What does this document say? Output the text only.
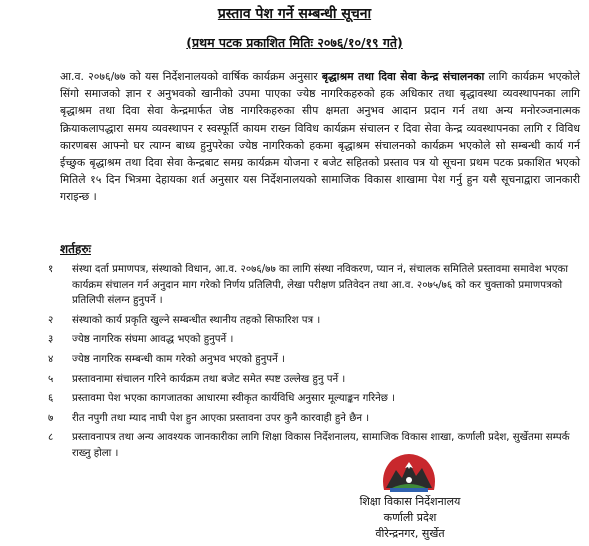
प्रस्ताव पेश गर्ने सम्बन्धी सूचना
(प्रथम पटक प्रकाशित मितिः २०७६/१०/१९ गते)

आ.व. २०७६/७७ को यस निर्देशनालयको वार्षिक कार्यक्रम अनुसार बृद्धाश्रम तथा दिवा सेवा केन्द्र संचालनका लागि कार्यक्रम भएकोले सिंगो समाजको ज्ञान र अनुभवको खानीको उपमा पाएका ज्येष्ठ नागरिकहरुको हक अधिकार तथा बृद्धावस्था व्यवस्थापनका लागि बृद्धाश्रम तथा दिवा सेवा केन्द्रमार्फत जेष्ठ नागरिकहरुका सीप क्षमता अनुभव आदान प्रदान गर्न तथा अन्य मनोरञ्जनात्मक क्रियाकलापद्धारा समय व्यवस्थापन र स्वस्फूर्ति कायम राख्न विविध कार्यक्रम संचालन र दिवा सेवा केन्द्र व्यवस्थापनका लागि र विविध कारणबस आफ्नो घर त्याग्न बाध्य हुनुपरेका ज्येष्ठ नागरिकको हकमा बृद्धाश्रम संचालनको कार्यक्रम भएकोले सो सम्बन्धी कार्य गर्न ईच्छुक बृद्धाश्रम तथा दिवा सेवा केन्द्रबाट समग्र कार्यक्रम योजना र बजेट सहितको प्रस्ताव पत्र यो सूचना प्रथम पटक प्रकाशित भएको मितिले १५ दिन भित्रमा देहायका शर्त अनुसार यस निर्देशनालयको सामाजिक विकास शाखामा पेश गर्नु हुन यसै सूचनाद्वारा जानकारी गराइन्छ ।

शर्तहरुः
१	संस्था दर्ता प्रमाणपत्र, संस्थाको विधान, आ.व. २०७६/७७ का लागि संस्था नविकरण, प्यान नं, संचालक समितिले प्रस्तावमा समावेश भएका कार्यक्रम संचालन गर्न अनुदान माग गरेको निर्णय प्रतिलिपी, लेखा परीक्षण प्रतिवेदन तथा आ.व. २०७५/७६ को कर चुक्ताको प्रमाणपत्रको प्रतिलिपी संलग्न हुनुपर्ने ।
२	संस्थाको कार्य प्रकृति खुल्ने सम्बन्धीत स्थानीय तहको सिफारिश पत्र ।
३	ज्येष्ठ नागरिक संघमा आवद्ध भएको हुनुपर्ने ।
४	ज्येष्ठ नागरिक सम्बन्धी काम गरेको अनुभव भएको हुनुपर्ने ।
५	प्रस्तावनामा संचालन गरिने कार्यक्रम तथा बजेट समेत स्पष्ट उल्लेख हुनु पर्ने ।
६	प्रस्तावमा पेश भएका कागजातका आधारमा स्वीकृत कार्यविधि अनुसार मूल्याङ्कन गरिनेछ ।
७	रीत नपुगी तथा म्याद नाघी पेश हुन आएका प्रस्तावना उपर कुनै कारवाही हुने छैन ।
८	प्रस्तावनापत्र तथा अन्य आवश्यक जानकारीका लागि शिक्षा विकास निर्देशनालय, सामाजिक विकास शाखा, कर्णाली प्रदेश, सुर्खेतमा सम्पर्क राख्नु होला ।
शिक्षा विकास निर्देशनालय
कर्णाली प्रदेश
वीरेन्द्रनगर, सुर्खेत
